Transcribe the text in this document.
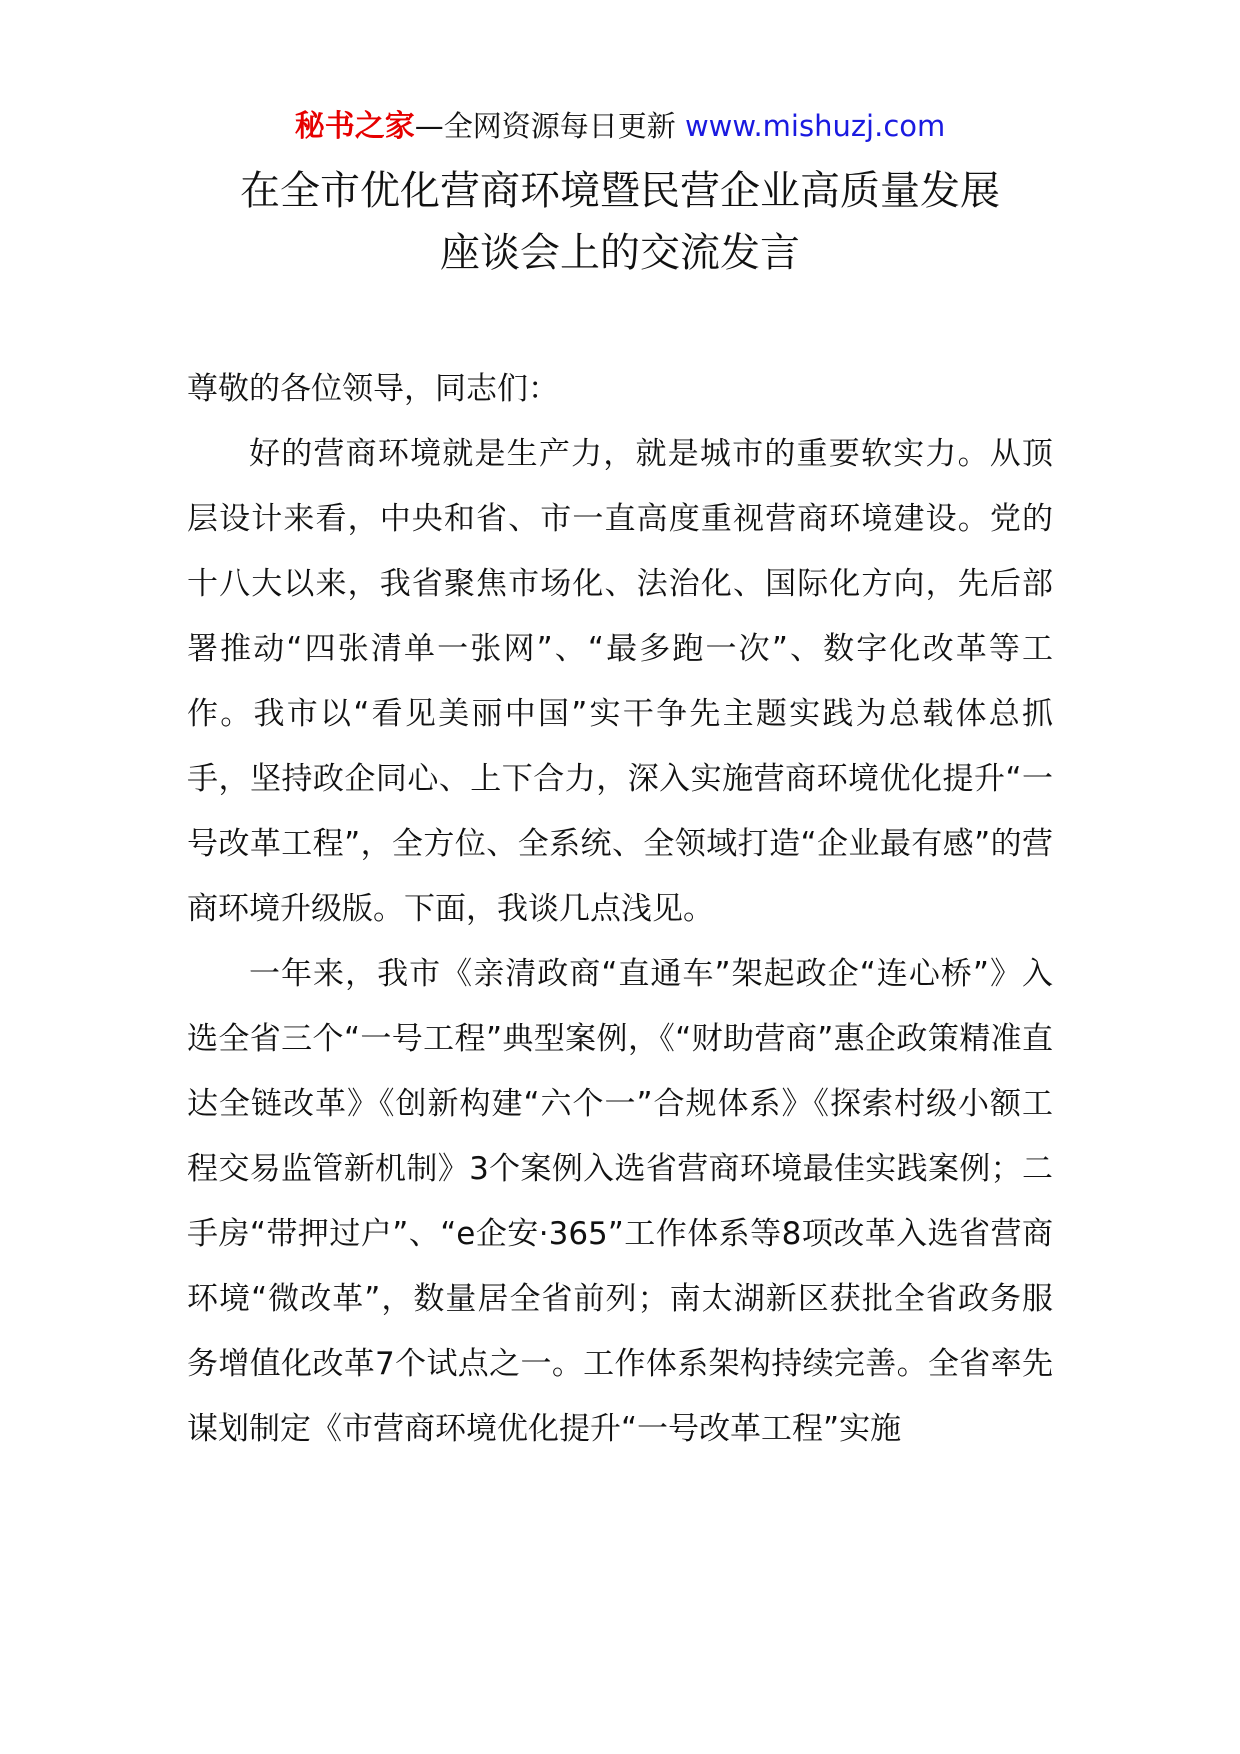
秘书之家—全网资源每日更新 www.mishuzj.com
在全市优化营商环境暨民营企业高质量发展
座谈会上的交流发言

尊敬的各位领导，同志们：

好的营商环境就是生产力，就是城市的重要软实力。从顶层设计来看，中央和省、市一直高度重视营商环境建设。党的十八大以来，我省聚焦市场化、法治化、国际化方向，先后部署推动“四张清单一张网”、“最多跑一次”、数字化改革等工作。我市以“看见美丽中国”实干争先主题实践为总载体总抓手，坚持政企同心、上下合力，深入实施营商环境优化提升“一号改革工程”，全方位、全系统、全领域打造“企业最有感”的营商环境升级版。下面，我谈几点浅见。

一年来，我市《亲清政商“直通车”架起政企“连心桥”》入选全省三个“一号工程”典型案例，《“财助营商”惠企政策精准直达全链改革》《创新构建“六个一”合规体系》《探索村级小额工程交易监管新机制》3个案例入选省营商环境最佳实践案例；二手房“带押过户”、“e企安·365”工作体系等8项改革入选省营商环境“微改革”，数量居全省前列；南太湖新区获批全省政务服务增值化改革7个试点之一。工作体系架构持续完善。全省率先谋划制定《市营商环境优化提升“一号改革工程”实施
